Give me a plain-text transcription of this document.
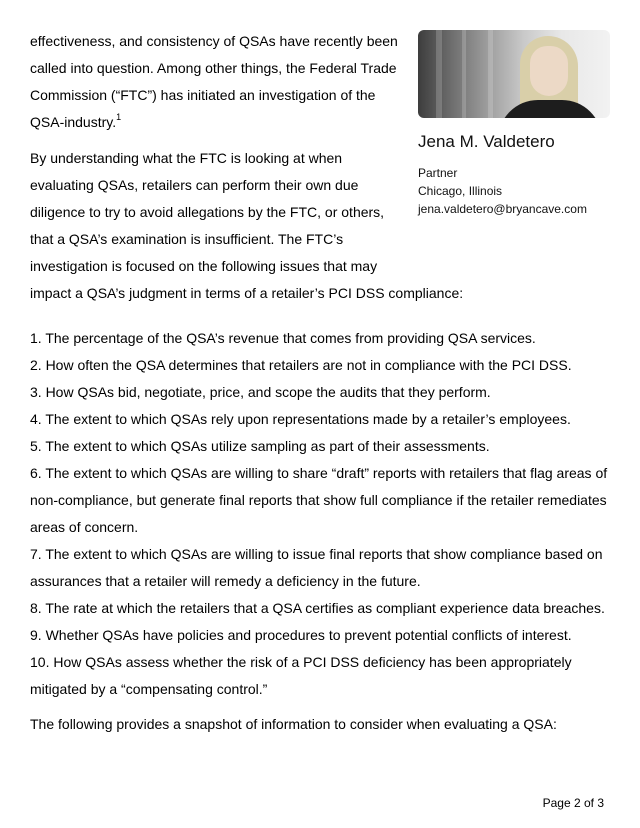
effectiveness, and consistency of QSAs have recently been called into question. Among other things, the Federal Trade Commission (“FTC”) has initiated an investigation of the QSA-industry.$^1$

By understanding what the FTC is looking at when evaluating QSAs, retailers can perform their own due diligence to try to avoid allegations by the FTC, or others, that a QSA’s examination is insufficient. The FTC’s investigation is focused on the following issues that may

impact a QSA’s judgment in terms of a retailer’s PCI DSS compliance:

Jena M. Valdetero

Partner

Chicago, Illinois

jena.valdetero@bryancave.com

1. The percentage of the QSA’s revenue that comes from providing QSA services.
2. How often the QSA determines that retailers are not in compliance with the PCI DSS.
3. How QSAs bid, negotiate, price, and scope the audits that they perform.
4. The extent to which QSAs rely upon representations made by a retailer’s employees.
5. The extent to which QSAs utilize sampling as part of their assessments.
6. The extent to which QSAs are willing to share “draft” reports with retailers that flag areas of non-compliance, but generate final reports that show full compliance if the retailer remediates areas of concern.
7. The extent to which QSAs are willing to issue final reports that show compliance based on assurances that a retailer will remedy a deficiency in the future.
8. The rate at which the retailers that a QSA certifies as compliant experience data breaches.
9. Whether QSAs have policies and procedures to prevent potential conflicts of interest.
10. How QSAs assess whether the risk of a PCI DSS deficiency has been appropriately mitigated by a “compensating control.”

The following provides a snapshot of information to consider when evaluating a QSA:

Page 2 of 3
